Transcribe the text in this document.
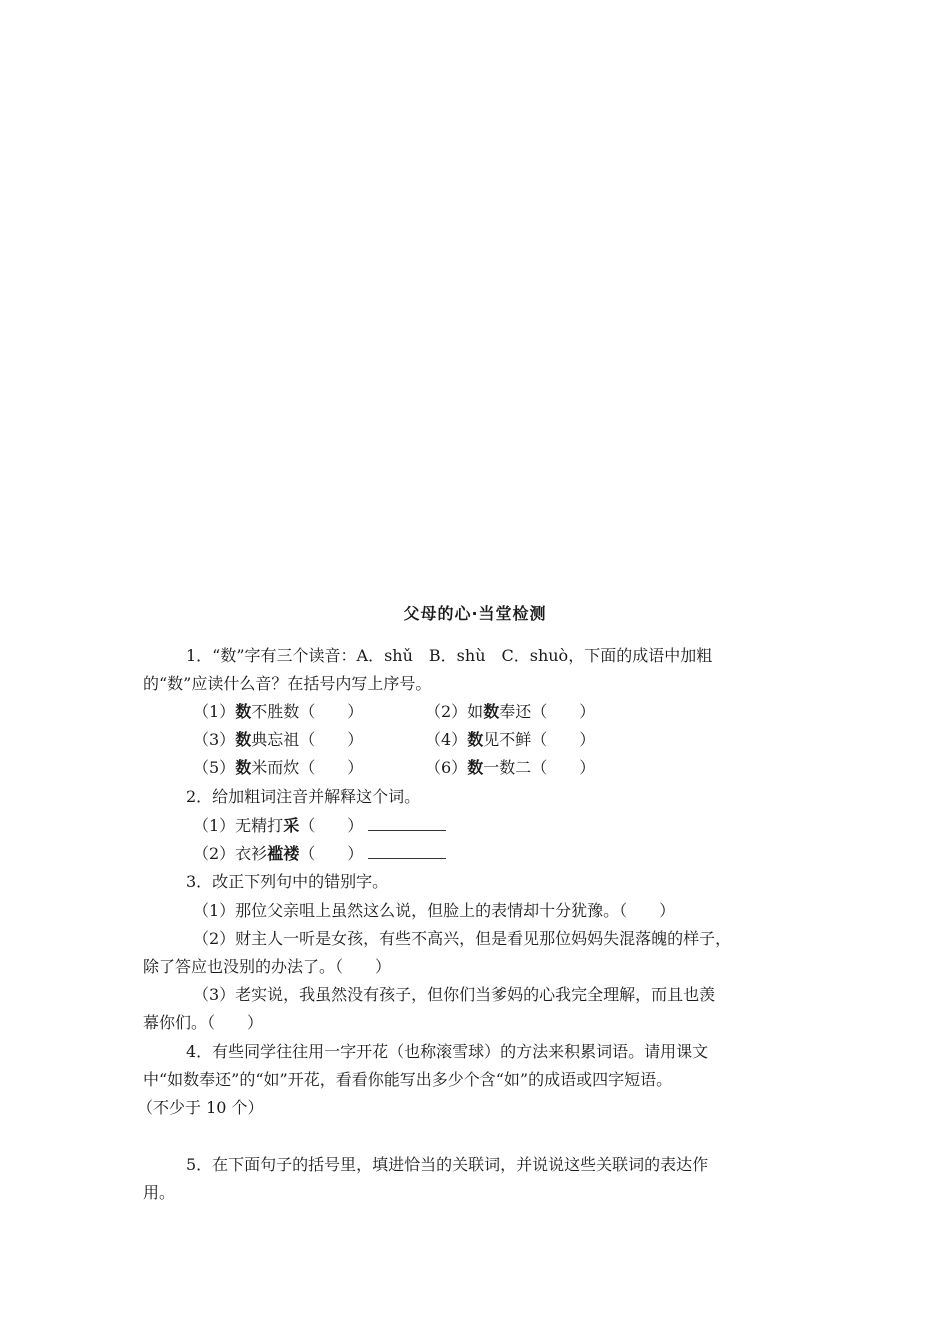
父母的心·当堂检测
1．“数”字有三个读音：A．shǔ　B．shù　C．shuò，下面的成语中加粗
的“数”应读什么音？在括号内写上序号。
（1）数不胜数（　　）	（2）如数奉还（　　）
（3）数典忘祖（　　）	（4）数见不鲜（　　）
（5）数米而炊（　　）	（6）数一数二（　　）
2．给加粗词注音并解释这个词。
（1）无精打采（　　）
（2）衣衫褴褛（　　）
3．改正下列句中的错别字。
（1）那位父亲咀上虽然这么说，但脸上的表情却十分犹豫。（　　）
（2）财主人一听是女孩，有些不高兴，但是看见那位妈妈失混落魄的样子，
除了答应也没别的办法了。（　　）
（3）老实说，我虽然没有孩子，但你们当爹妈的心我完全理解，而且也羡
幕你们。（　　）
4．有些同学往往用一字开花（也称滚雪球）的方法来积累词语。请用课文
中“如数奉还”的“如”开花，看看你能写出多少个含“如”的成语或四字短语。
（不少于 10 个）
5．在下面句子的括号里，填进恰当的关联词，并说说这些关联词的表达作
用。
